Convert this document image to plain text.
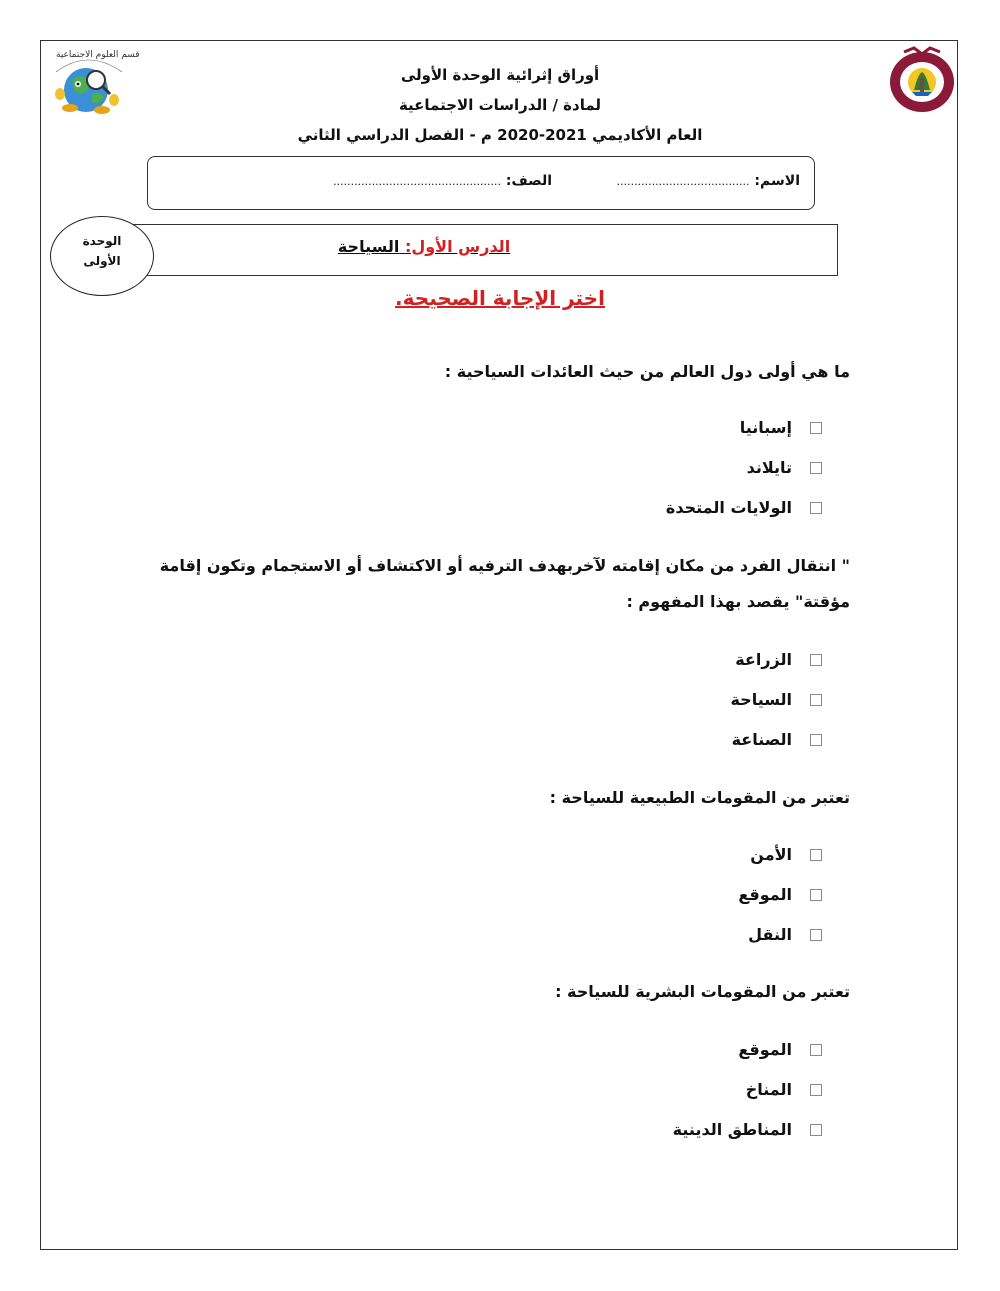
قسم العلوم الاجتماعية
أوراق إثرائية الوحدة الأولى
لمادة / الدراسات الاجتماعية
العام الأكاديمي 2021-2020 م - الفصل الدراسي الثاني
الاسم: ......................................
الصف: ................................................
الدرس الأول: السياحة
الوحدة
الأولى
اختر الإجابة الصحيحة.
ما هي أولى دول العالم من حيث العائدات السياحية :
إسبانيا
تايلاند
الولايات المتحدة
" انتقال الفرد من مكان إقامته لآخربهدف الترفيه أو الاكتشاف أو الاستجمام وتكون إقامة
مؤقتة" يقصد بهذا المفهوم :
الزراعة
السياحة
الصناعة
تعتبر من المقومات الطبيعية للسياحة :
الأمن
الموقع
النقل
تعتبر من المقومات البشرية للسياحة :
الموقع
المناخ
المناطق الدينية
